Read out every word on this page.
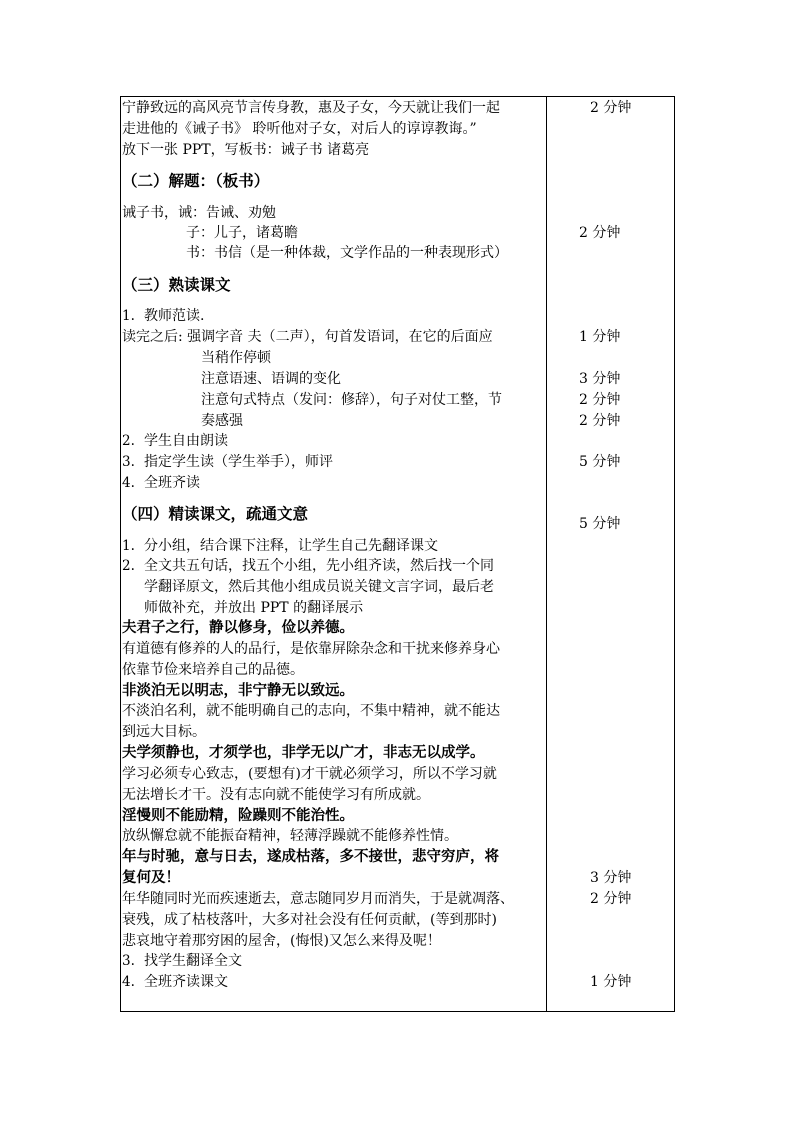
宁静致远的高风亮节言传身教，惠及子女，今天就让我们一起
走进他的《诫子书》 聆听他对子女，对后人的谆谆教诲。”
放下一张 PPT，写板书：诫子书 诸葛亮
（二）解题：（板书）
诫子书，诫：告诫、劝勉
子：儿子，诸葛瞻
书：书信（是一种体裁，文学作品的一种表现形式）
（三）熟读课文
1. 教师范读.
读完之后: 强调字音 夫（二声），句首发语词，在它的后面应
当稍作停顿
注意语速、语调的变化
注意句式特点（发问：修辞），句子对仗工整，节
奏感强
2. 学生自由朗读
3. 指定学生读（学生举手），师评
4. 全班齐读
（四）精读课文，疏通文意
1. 分小组，结合课下注释，让学生自己先翻译课文
2. 全文共五句话，找五个小组，先小组齐读，然后找一个同
学翻译原文，然后其他小组成员说关键文言字词，最后老
师做补充，并放出 PPT 的翻译展示
夫君子之行，静以修身，俭以养德。
有道德有修养的人的品行，是依靠屏除杂念和干扰来修养身心
依靠节俭来培养自己的品德。
非淡泊无以明志，非宁静无以致远。
不淡泊名利，就不能明确自己的志向，不集中精神，就不能达
到远大目标。
夫学须静也，才须学也，非学无以广才，非志无以成学。
学习必须专心致志，(要想有)才干就必须学习，所以不学习就
无法增长才干。没有志向就不能使学习有所成就。
淫慢则不能励精，险躁则不能治性。
放纵懈怠就不能振奋精神，轻薄浮躁就不能修养性情。
年与时驰，意与日去，遂成枯落，多不接世，悲守穷庐，将
复何及！
年华随同时光而疾速逝去，意志随同岁月而消失，于是就凋落、
衰残，成了枯枝落叶，大多对社会没有任何贡献，(等到那时)
悲哀地守着那穷困的屋舍，(悔恨)又怎么来得及呢！
3. 找学生翻译全文
4. 全班齐读课文
2 分钟
2 分钟
1 分钟
3 分钟
2 分钟
2 分钟
5 分钟
5 分钟
3 分钟
2 分钟
1 分钟
